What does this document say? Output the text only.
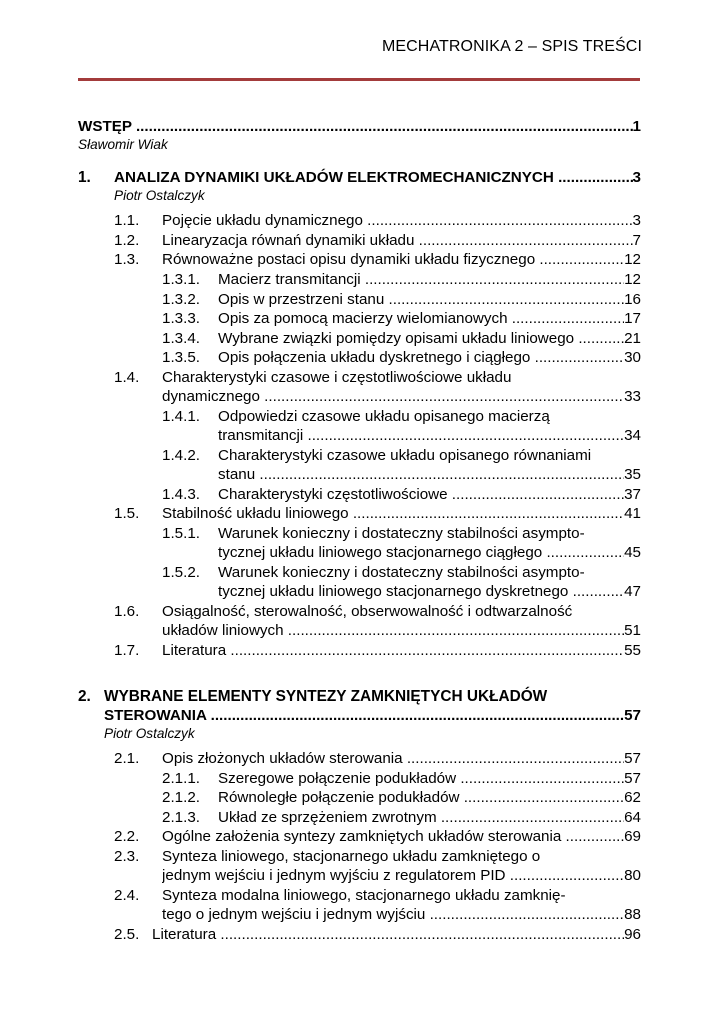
MECHATRONIKA 2 – SPIS TREŚCI
WSTĘP .....	1
Sławomir Wiak
1. ANALIZA DYNAMIKI UKŁADÓW ELEKTROMECHANICZNYCH .....	3
Piotr Ostalczyk
1.1. Pojęcie układu dynamicznego .....	3
1.2. Linearyzacja równań dynamiki układu .....	7
1.3. Równoważne postaci opisu dynamiki układu fizycznego .....	12
1.3.1. Macierz transmitancji .....	12
1.3.2. Opis w przestrzeni stanu .....	16
1.3.3. Opis za pomocą macierzy wielomianowych .....	17
1.3.4. Wybrane związki pomiędzy opisami układu liniowego .....	21
1.3.5. Opis połączenia układu dyskretnego i ciągłego .....	30
1.4. Charakterystyki czasowe i częstotliwościowe układu
dynamicznego .....	33
1.4.1. Odpowiedzi czasowe układu opisanego macierzą
transmitancji .....	34
1.4.2. Charakterystyki czasowe układu opisanego równaniami
stanu .....	35
1.4.3. Charakterystyki częstotliwościowe .....	37
1.5. Stabilność układu liniowego .....	41
1.5.1. Warunek konieczny i dostateczny stabilności asympto-
tycznej układu liniowego stacjonarnego ciągłego .....	45
1.5.2. Warunek konieczny i dostateczny stabilności asympto-
tycznej układu liniowego stacjonarnego dyskretnego .....	47
1.6. Osiągalność, sterowalność, obserwowalność i odtwarzalność
układów liniowych .....	51
1.7. Literatura .....	55
2. WYBRANE ELEMENTY SYNTEZY ZAMKNIĘTYCH UKŁADÓW
STEROWANIA .....	57
Piotr Ostalczyk
2.1. Opis złożonych układów sterowania .....	57
2.1.1. Szeregowe połączenie podukładów .....	57
2.1.2. Równoległe połączenie podukładów .....	62
2.1.3. Układ ze sprzężeniem zwrotnym .....	64
2.2. Ogólne założenia syntezy zamkniętych układów sterowania .....	69
2.3. Synteza liniowego, stacjonarnego układu zamkniętego o
jednym wejściu i jednym wyjściu z regulatorem PID .....	80
2.4. Synteza modalna liniowego, stacjonarnego układu zamknię-
tego o jednym wejściu i jednym wyjściu .....	88
2.5. Literatura .....	96
